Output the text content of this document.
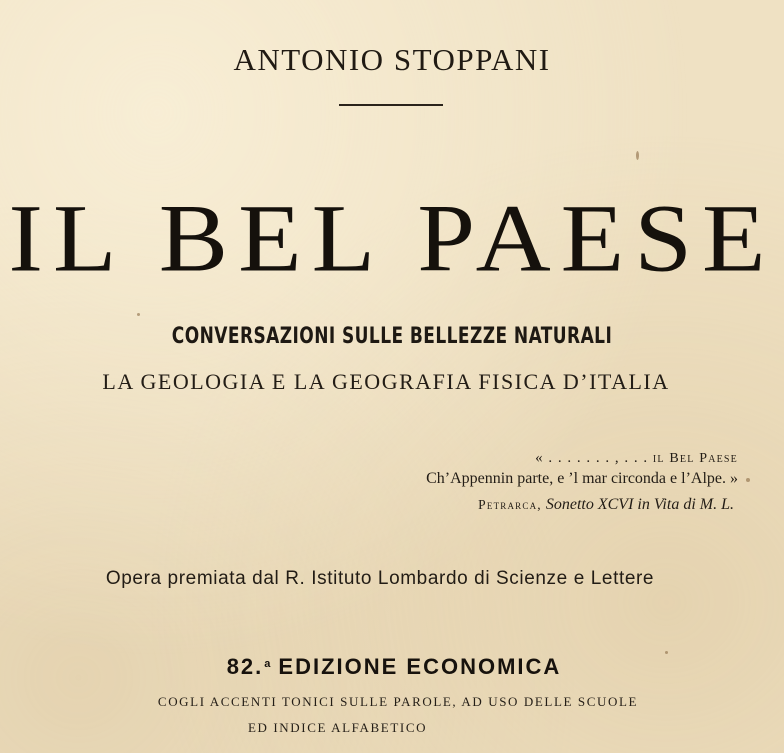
ANTONIO STOPPANI
IL BEL PAESE
CONVERSAZIONI SULLE BELLEZZE NATURALI
LA GEOLOGIA E LA GEOGRAFIA FISICA D’ITALIA
« . . . . . . . , . . . il Bel Paese
Ch’Appennin parte, e ’l mar circonda e l’Alpe. »
Petrarca, Sonetto XCVI in Vita di M. L.
Opera premiata dal R. Istituto Lombardo di Scienze e Lettere
82.$^a$ EDIZIONE ECONOMICA
COGLI ACCENTI TONICI SULLE PAROLE, AD USO DELLE SCUOLE
ED INDICE ALFABETICO
